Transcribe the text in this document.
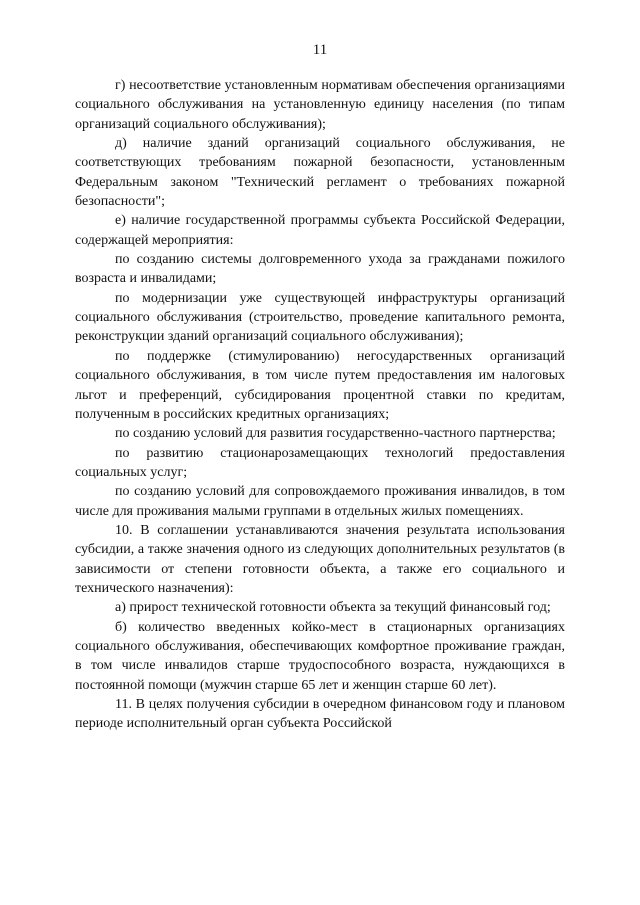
11

г) несоответствие установленным нормативам обеспечения организациями социального обслуживания на установленную единицу населения (по типам организаций социального обслуживания);

д) наличие зданий организаций социального обслуживания, не соответствующих требованиям пожарной безопасности, установленным Федеральным законом "Технический регламент о требованиях пожарной безопасности";

е) наличие государственной программы субъекта Российской Федерации, содержащей мероприятия:

по созданию системы долговременного ухода за гражданами пожилого возраста и инвалидами;

по модернизации уже существующей инфраструктуры организаций социального обслуживания (строительство, проведение капитального ремонта, реконструкции зданий организаций социального обслуживания);

по поддержке (стимулированию) негосударственных организаций социального обслуживания, в том числе путем предоставления им налоговых льгот и преференций, субсидирования процентной ставки по кредитам, полученным в российских кредитных организациях;

по созданию условий для развития государственно-частного партнерства;

по развитию стационарозамещающих технологий предоставления социальных услуг;

по созданию условий для сопровождаемого проживания инвалидов, в том числе для проживания малыми группами в отдельных жилых помещениях.

10. В соглашении устанавливаются значения результата использования субсидии, а также значения одного из следующих дополнительных результатов (в зависимости от степени готовности объекта, а также его социального и технического назначения):

а) прирост технической готовности объекта за текущий финансовый год;

б) количество введенных койко-мест в стационарных организациях социального обслуживания, обеспечивающих комфортное проживание граждан, в том числе инвалидов старше трудоспособного возраста, нуждающихся в постоянной помощи (мужчин старше 65 лет и женщин старше 60 лет).

11. В целях получения субсидии в очередном финансовом году и плановом периоде исполнительный орган субъекта Российской
